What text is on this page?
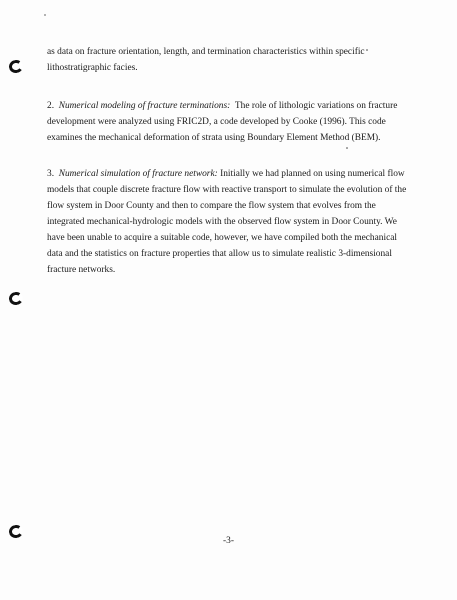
as data on fracture orientation, length, and termination characteristics within specific
lithostratigraphic facies.
2. Numerical modeling of fracture terminations: The role of lithologic variations on fracture
development were analyzed using FRIC2D, a code developed by Cooke (1996). This code
examines the mechanical deformation of strata using Boundary Element Method (BEM).
3. Numerical simulation of fracture network: Initially we had planned on using numerical flow
models that couple discrete fracture flow with reactive transport to simulate the evolution of the
flow system in Door County and then to compare the flow system that evolves from the
integrated mechanical-hydrologic models with the observed flow system in Door County. We
have been unable to acquire a suitable code, however, we have compiled both the mechanical
data and the statistics on fracture properties that allow us to simulate realistic 3-dimensional
fracture networks.
-3-
